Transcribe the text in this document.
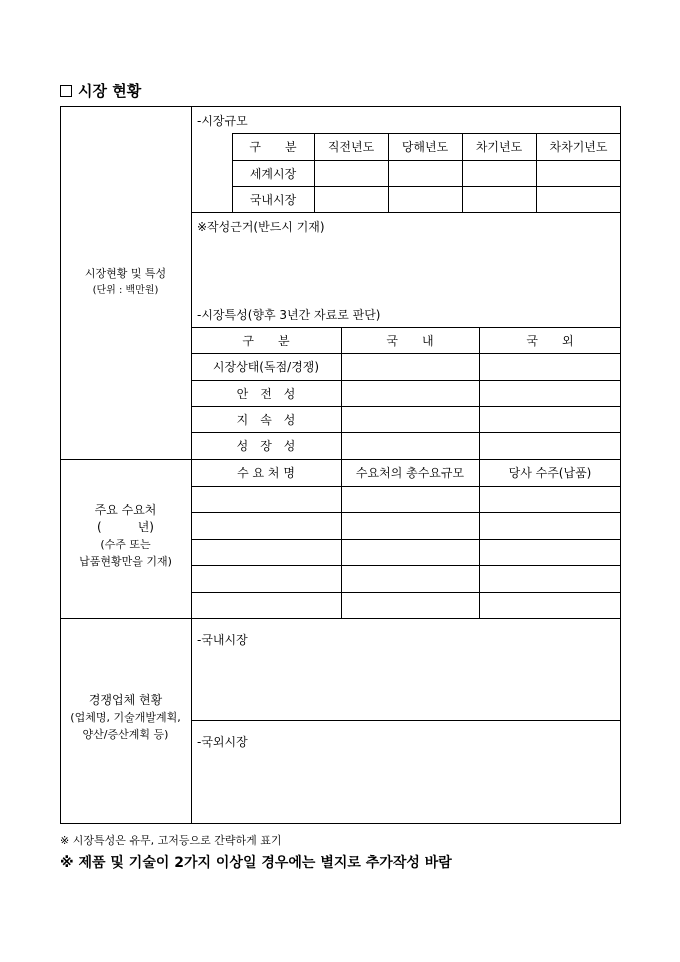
시장 현황
시장현황 및 특성
(단위 : 백만원)
-시장규모
구　　분	직전년도	당해년도	차기년도	차차기년도
세계시장
국내시장
※작성근거(반드시 기재)
-시장특성(향후 3년간 자료로 판단)
구　　분	국　　내	국　　외
시장상태(독점/경쟁)
안　전　성
지　속　성
성　장　성
주요 수요처
(　　　년)
(수주 또는
납품현황만을 기재)
수 요 처 명	수요처의 총수요규모	당사 수주(납품)
경쟁업체 현황
(업체명, 기술개발계획,
양산/증산계획 등)
-국내시장
-국외시장
※ 시장특성은 유무, 고저등으로 간략하게 표기
※ 제품 및 기술이 2가지 이상일 경우에는 별지로 추가작성 바람
